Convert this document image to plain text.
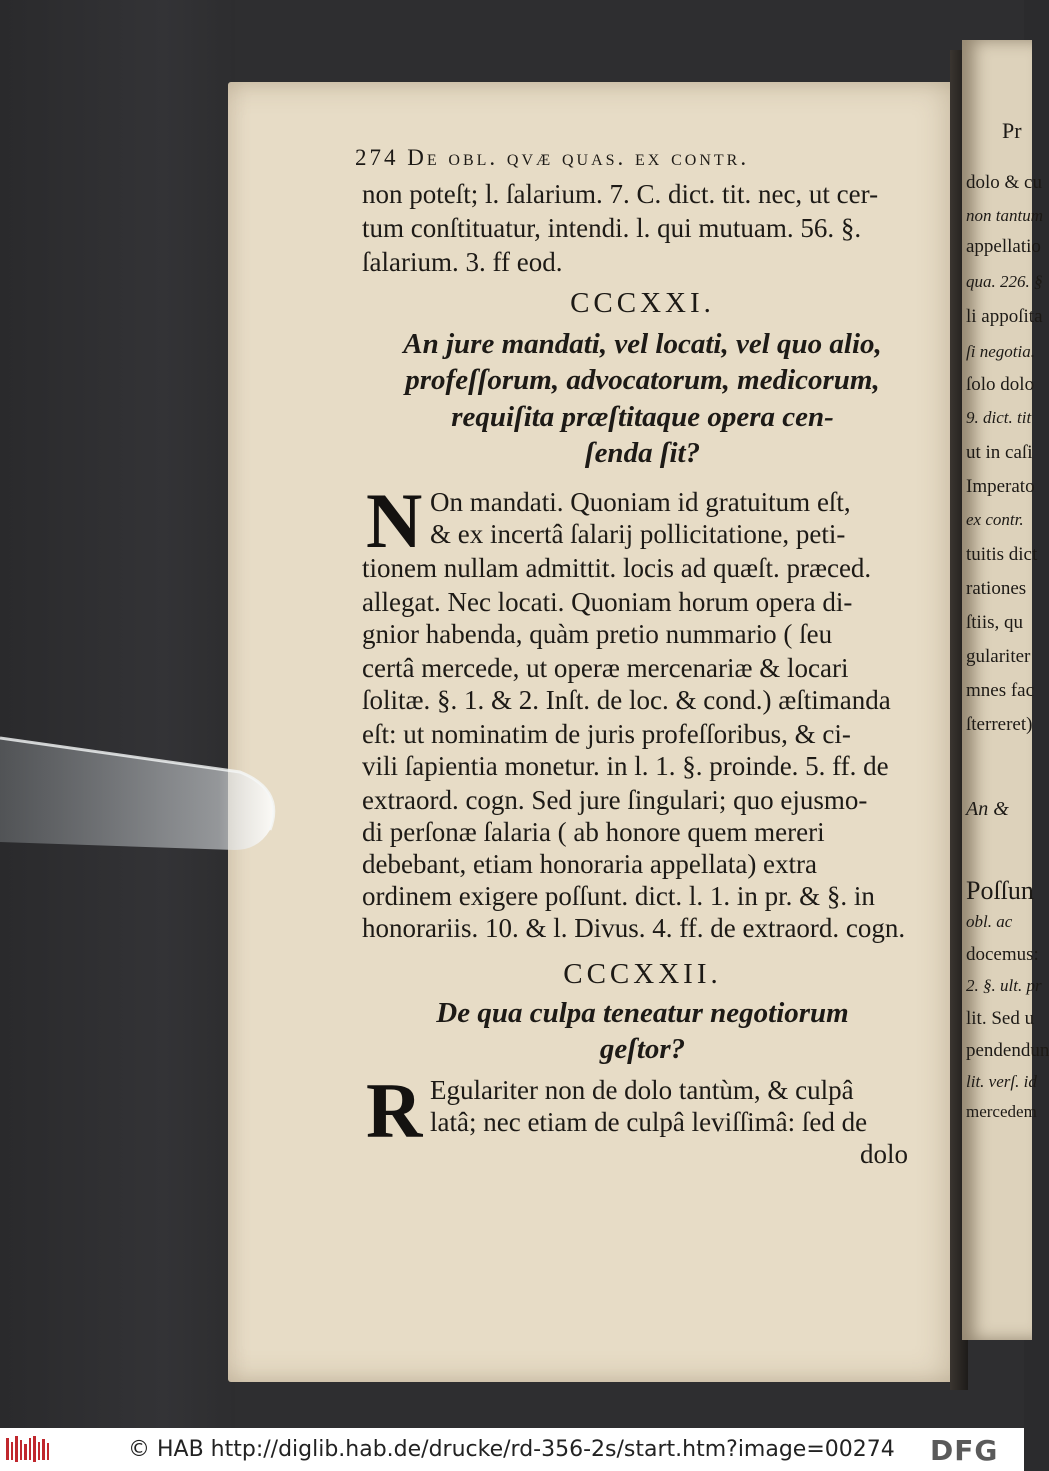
Pr
dolo & cu
non tantum
appellatio
qua. 226. §
li appoſita
ſi negotia.
ſolo dolo
9. dict. tit
ut in caſi
Imperato
ex contr.
tuitis dict
rationes
ſtiis, qu
gulariter
mnes fac
ſterreret)
An &
Poſſun
obl. ac
docemus:
2. §. ult. pr
lit. Sed u
pendendun
lit. verſ. id
mercedem
274 De obl. qvæ quas. ex contr.
non poteſt; l. ſalarium. 7. C. dict. tit. nec, ut cer-
tum conſtituatur, intendi. l. qui mutuam. 56. §.
ſalarium. 3. ff eod.
CCCXXI.
An jure mandati, vel locati, vel quo alio,
profeſſorum, advocatorum, medicorum,
requiſita præſtitaque opera cen-
ſenda ſit?
N On mandati. Quoniam id gratuitum eſt,
& ex incertâ ſalarij pollicitatione, peti-
tionem nullam admittit. locis ad quæſt. præced.
allegat. Nec locati. Quoniam horum opera di-
gnior habenda, quàm pretio nummario ( ſeu
certâ mercede, ut operæ mercenariæ & locari
ſolitæ. §. 1. & 2. Inſt. de loc. & cond.) æſtimanda
eſt: ut nominatim de juris profeſſoribus, & ci-
vili ſapientia monetur. in l. 1. §. proinde. 5. ff. de
extraord. cogn. Sed jure ſingulari; quo ejusmo-
di perſonæ ſalaria ( ab honore quem mereri
debebant, etiam honoraria appellata) extra
ordinem exigere poſſunt. dict. l. 1. in pr. & §. in
honorariis. 10. & l. Divus. 4. ff. de extraord. cogn.
CCCXXII.
De qua culpa teneatur negotiorum
geſtor?
R Egulariter non de dolo tantùm, & culpâ
latâ; nec etiam de culpâ leviſſimâ: ſed de
dolo
© HAB http://diglib.hab.de/drucke/rd-356-2s/start.htm?image=00274 DFG
